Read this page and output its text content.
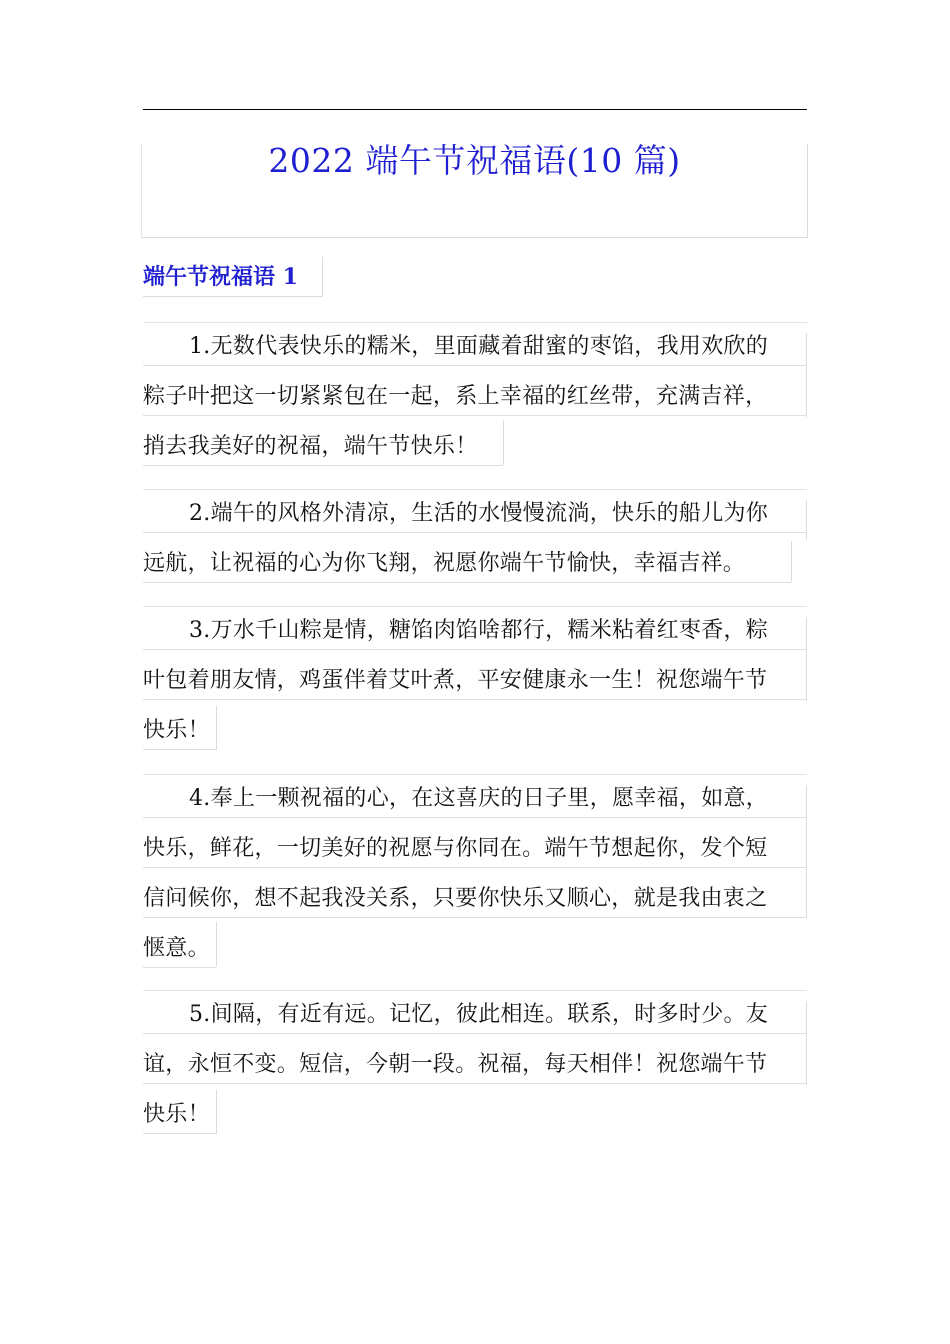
2022 端午节祝福语(10 篇)
端午节祝福语 1
1.无数代表快乐的糯米，里面藏着甜蜜的枣馅，我用欢欣的
粽子叶把这一切紧紧包在一起，系上幸福的红丝带，充满吉祥，
捎去我美好的祝福，端午节快乐！
2.端午的风格外清凉，生活的水慢慢流淌，快乐的船儿为你
远航，让祝福的心为你飞翔，祝愿你端午节愉快，幸福吉祥。
3.万水千山粽是情，糖馅肉馅啥都行，糯米粘着红枣香，粽
叶包着朋友情，鸡蛋伴着艾叶煮，平安健康永一生！祝您端午节
快乐！
4.奉上一颗祝福的心，在这喜庆的日子里，愿幸福，如意，
快乐，鲜花，一切美好的祝愿与你同在。端午节想起你，发个短
信问候你，想不起我没关系，只要你快乐又顺心，就是我由衷之
惬意。
5.间隔，有近有远。记忆，彼此相连。联系，时多时少。友
谊，永恒不变。短信，今朝一段。祝福，每天相伴！祝您端午节
快乐！
